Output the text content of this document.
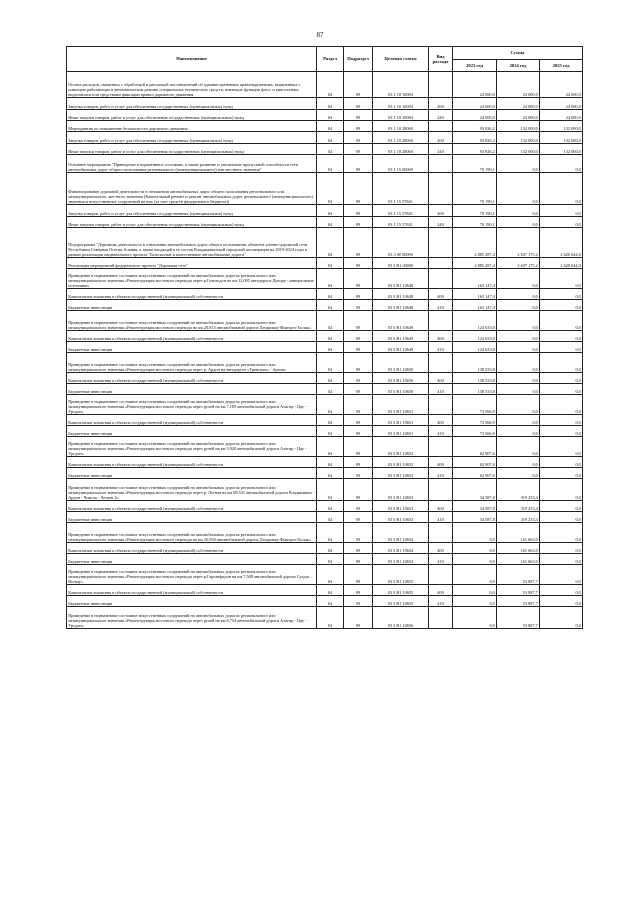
87
Наименование	Раздел	Подраздел	Целевая статья	Вид расхода	Сумма		
					2023 год	2024 год	2025 год
Оплата расходов, связанных с обработкой и рассылкой постановлений об административных правонарушениях, выявленных с помощью работающих в автоматическом режиме специальных технических средств, имеющих функции фото- и киносъемки, видеозаписи или средствами фиксации правил дорожного движения	04	09	03 1 10 10084		24 000,0	24 000,0	24 000,0
Закупка товаров, работ и услуг для обеспечения государственных (муниципальных) нужд	04	09	03 1 10 10084	200	24 000,0	24 000,0	24 000,0
Иные закупки товаров, работ и услуг для обеспечения государственных (муниципальных) нужд	04	09	03 1 10 10084	240	24 000,0	24 000,0	24 000,0
Мероприятия по повышению безопасности дорожного движения	04	09	03 1 10 28060		93 826,2	132 000,0	132 000,0
Закупка товаров, работ и услуг для обеспечения государственных (муниципальных) нужд	04	09	03 1 10 28060	200	93 826,2	132 000,0	132 000,0
Иные закупки товаров, работ и услуг для обеспечения государственных (муниципальных) нужд	04	09	03 1 10 28060	240	93 826,2	132 000,0	132 000,0
Основное мероприятие "Приведение в нормативное состояние, а также развитие и увеличение пропускной способности сети автомобильных дорог общего пользования регионального (межмуниципального) или местного значения"	04	09	03 1 15 00000		70 190,1	0,0	0,0
Финансирование дорожной деятельности в отношении автомобильных дорог общего пользования регионального или межмуниципального, местного значения (Капитальный ремонт и ремонт автомобильных дорог регионального (межмуниципального) значения и искусственных сооружений на них (за счет средств федерального бюджета))	04	09	03 1 15 57841		70 190,1	0,0	0,0
Закупка товаров, работ и услуг для обеспечения государственных (муниципальных) нужд	04	09	03 1 15 57841	200	70 190,1	0,0	0,0
Иные закупки товаров, работ и услуг для обеспечения государственных (муниципальных) нужд	04	09	03 1 15 57841	240	70 190,1	0,0	0,0
Подпрограмма "Дорожная деятельность в отношении автомобильных дорог общего пользования, объектов улично-дорожной сети Республики Северная Осетия-Алания, а также входящей в ее состав Владикавказской городской агломерации на 2019-2024 годы в рамках реализации национального проекта "Безопасные и качественные автомобильные дороги"	04	09	03 3 00 00000		2 885 287,4	2 637 175,2	2 620 644,0
Реализация мероприятий федерального проекта "Дорожная сеть"	04	09	03 3 R1 00000		2 885 287,4	2 637 175,2	2 620 644,0
Приведение в нормативное состояние искусственных сооружений на автомобильных дорогах регионального или межмуниципального значения «Реконструкция мостового перехода через р.Гизельдон на км 12,005 автодороги Дигора - минеральные источники»	04	09	03 3 R1 10648		163 147,4	0,0	0,0
Капитальные вложения в объекты государственной (муниципальной) собственности	04	09	03 3 R1 10648	400	163 147,4	0,0	0,0
Бюджетные инвестиции	04	09	03 3 R1 10648	410	163 147,4	0,0	0,0
Приведение в нормативное состояние искусственных сооружений на автомобильных дорогах регионального или межмуниципального значения «Реконструкция мостового перехода на км 20,815 автомобильной дороги Дзуарикау-Фиагдон-Хилак»	04	09	03 3 R1 10649		124 633,0	0,0	0,0
Капитальные вложения в объекты государственной (муниципальной) собственности	04	09	03 3 R1 10649	400	124 633,0	0,0	0,0
Бюджетные инвестиции	04	09	03 3 R1 10649	410	124 633,0	0,0	0,0
Приведение в нормативное состояние искусственных сооружений на автомобильных дорогах регионального или межмуниципального значения «Реконструкция мостового перехода через р. Ардон на автодороге «Транскам» - Архон»	04	09	03 3 R1 10650		138 535,8	0,0	0,0
Капитальные вложения в объекты государственной (муниципальной) собственности	04	09	03 3 R1 10650	400	138 535,8	0,0	0,0
Бюджетные инвестиции	04	09	03 3 R1 10650	410	138 535,8	0,0	0,0
Приведение в нормативное состояние искусственных сооружений на автомобильных дорогах регионального или межмуниципального значения «Реконструкция мостового перехода через ручей на км 7,185 автомобильной дороги Алагир - Цау - Урсдон»	04	09	03 3 R1 10651		73 566,9	0,0	0,0
Капитальные вложения в объекты государственной (муниципальной) собственности	04	09	03 3 R1 10651	400	73 566,9	0,0	0,0
Бюджетные инвестиции	04	09	03 3 R1 10651	410	73 566,9	0,0	0,0
Приведение в нормативное состояние искусственных сооружений на автомобильных дорогах регионального или межмуниципального значения «Реконструкция мостового перехода через ручей на км 3,920 автомобильной дороги Алагир - Цау - Урсдон»	04	09	03 3 R1 10652		62 907,6	0,0	0,0
Капитальные вложения в объекты государственной (муниципальной) собственности	04	09	03 3 R1 10652	400	62 907,6	0,0	0,0
Бюджетные инвестиции	04	09	03 3 R1 10652	410	62 907,6	0,0	0,0
Приведение в нормативное состояние искусственных сооружений на автомобильных дорогах регионального или межмуниципального значения «Реконструкция мостового перехода через р. Лесная на км 88,531 автомобильной дороги Владикавказ - Ардон - Чикола - Лескен 2»	04	09	03 3 R1 10653		34 587,8	319 233,4	0,0
Капитальные вложения в объекты государственной (муниципальной) собственности	04	09	03 3 R1 10653	400	34 587,8	319 233,4	0,0
Бюджетные инвестиции	04	09	03 3 R1 10653	410	34 587,8	319 233,4	0,0
Приведение в нормативное состояние искусственных сооружений на автомобильных дорогах регионального или межмуниципального значения «Реконструкция мостового перехода на км 26,930 автомобильной дороги Дзуарикау-Фиагдон-Хилак»	04	09	03 3 R1 10654		0,0	161 663,0	0,0
Капитальные вложения в объекты государственной (муниципальной) собственности	04	09	03 3 R1 10654	400	0,0	161 663,0	0,0
Бюджетные инвестиции	04	09	03 3 R1 10654	410	0,0	161 663,0	0,0
Приведение в нормативное состояние искусственных сооружений на автомобильных дорогах регионального или межмуниципального значения «Реконструкция мостового перехода через р.Гарганфидон на км 7,508 автомобильной дороги Суадаг – Ногкау»	04	09	03 3 R1 10655		0,0	53 887,7	0,0
Капитальные вложения в объекты государственной (муниципальной) собственности	04	09	03 3 R1 10655	400	0,0	53 887,7	0,0
Бюджетные инвестиции	04	09	03 3 R1 10655	410	0,0	53 887,7	0,0
Приведение в нормативное состояние искусственных сооружений на автомобильных дорогах регионального или межмуниципального значения «Реконструкция мостового перехода через ручей на км 8,754 автомобильной дороги Алагир - Цау - Урсдон»	04	09	03 3 R1 10656		0,0	53 887,7	0,0
